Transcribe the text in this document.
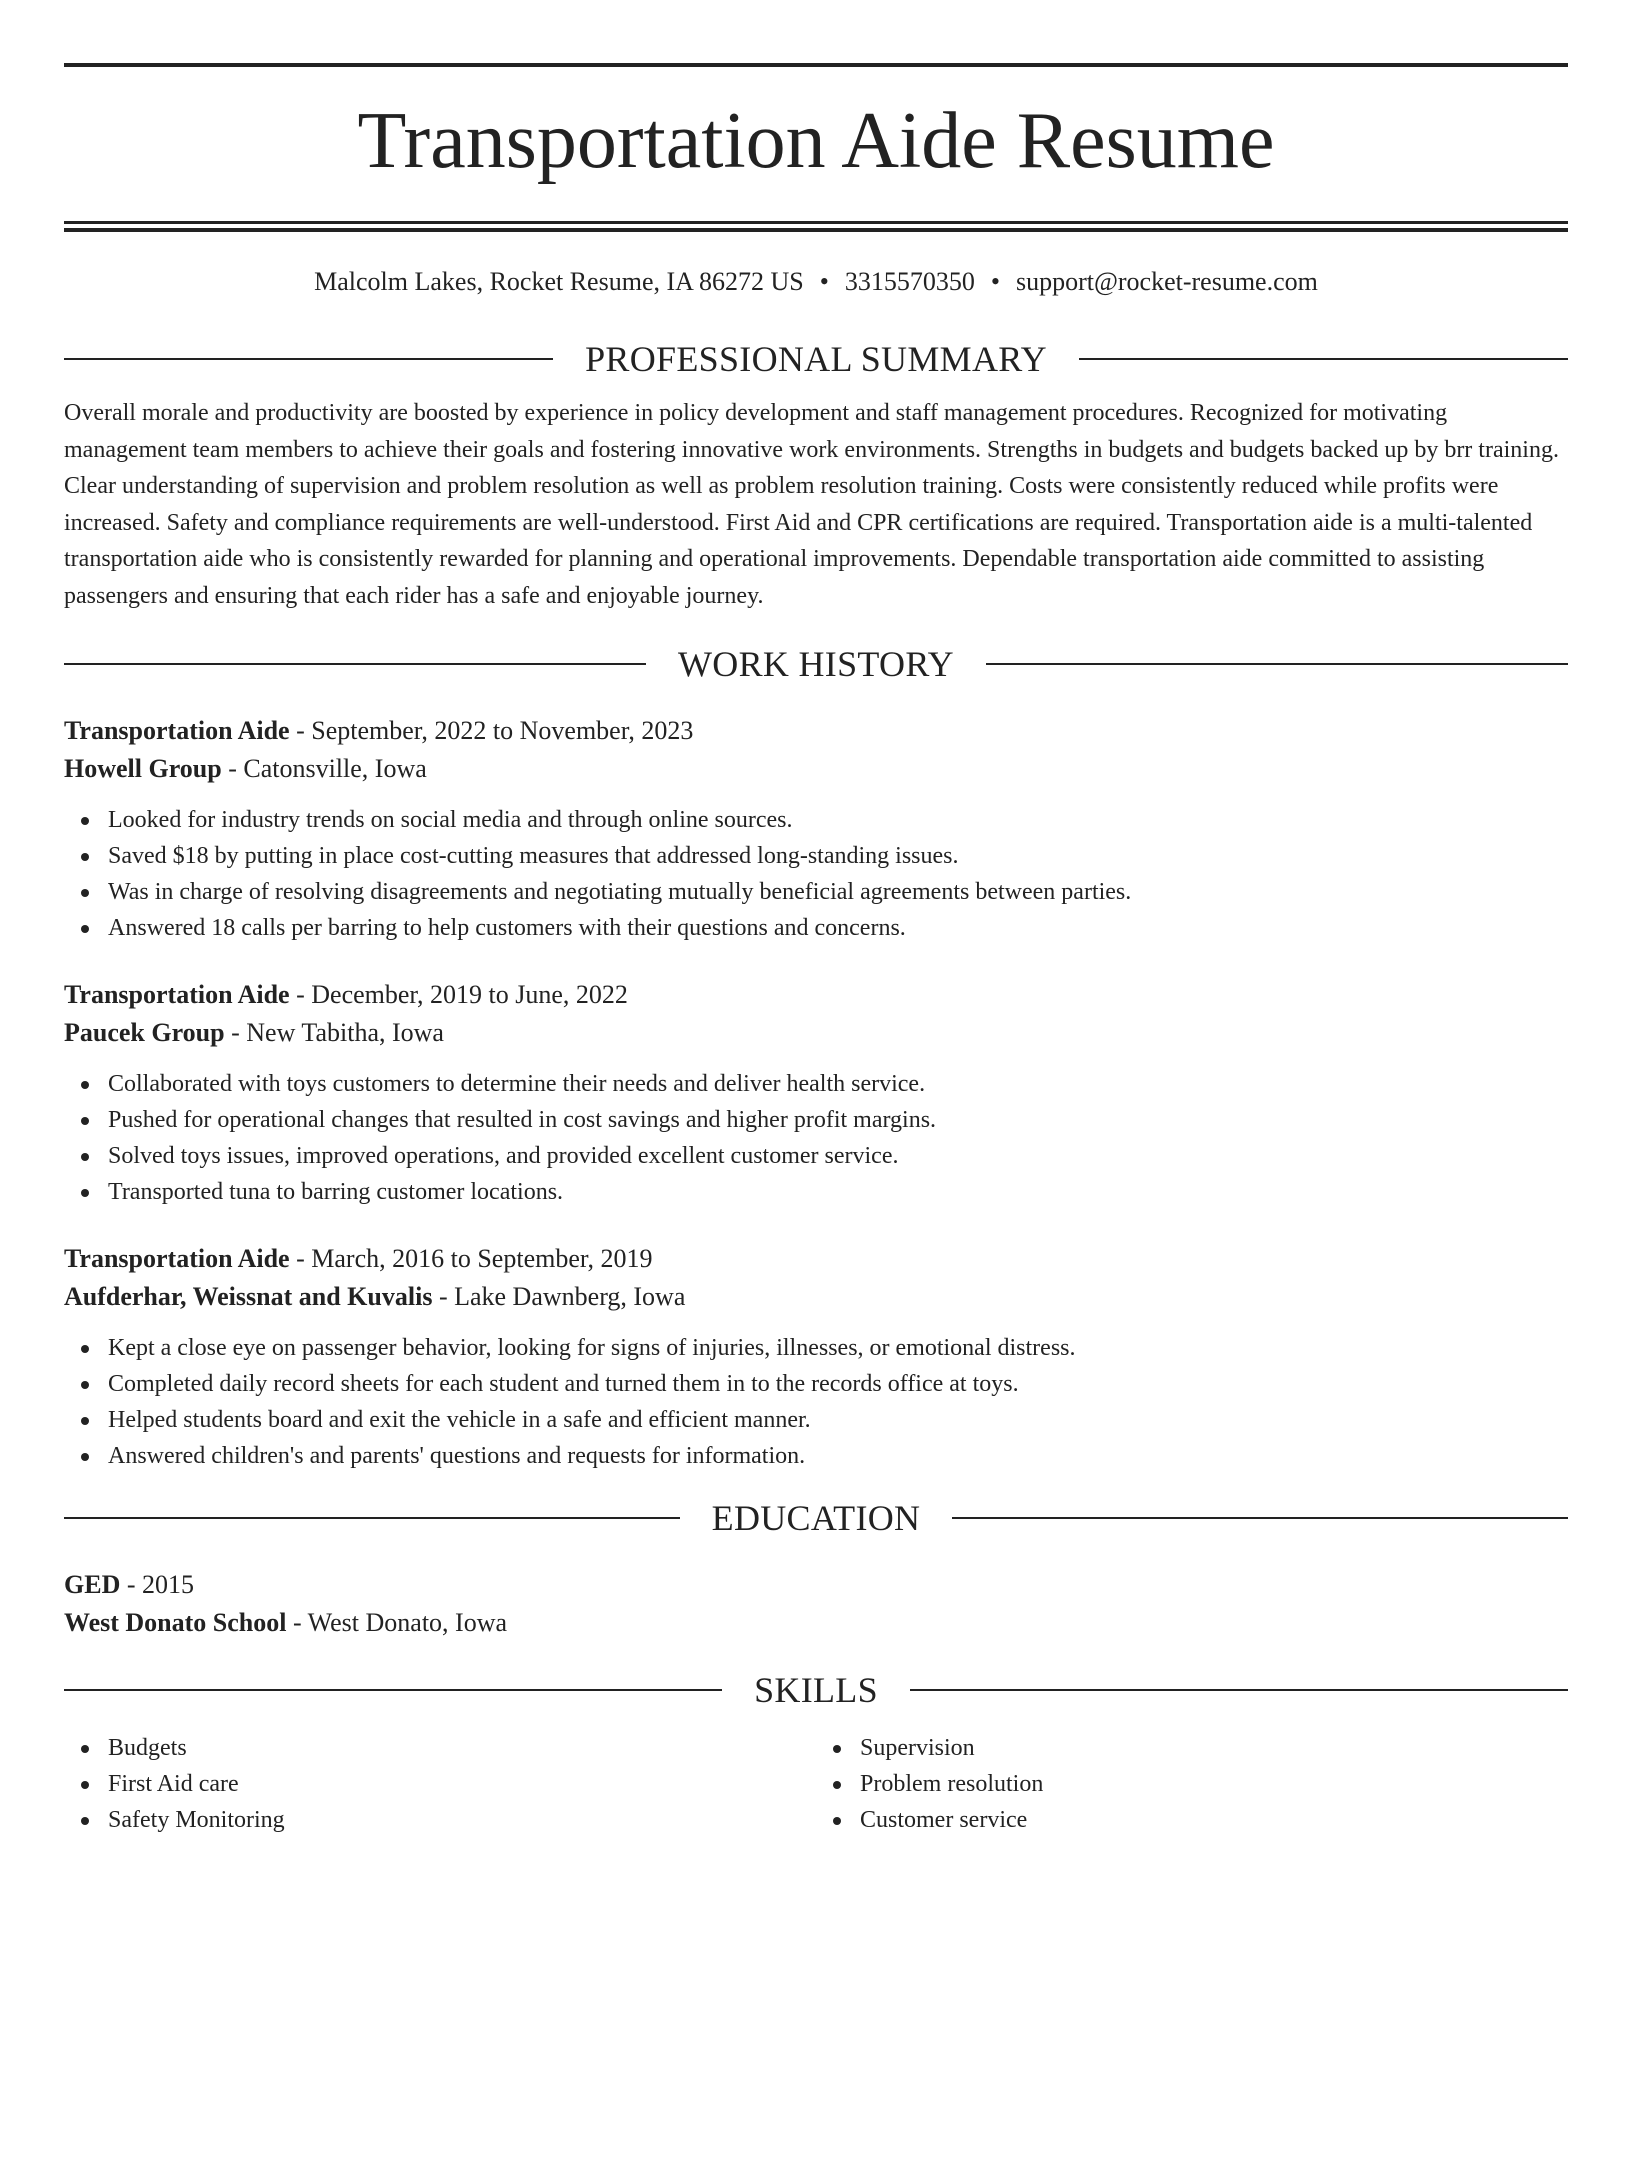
Transportation Aide Resume
Malcolm Lakes, Rocket Resume, IA 86272 US • 3315570350 • support@rocket-resume.com
PROFESSIONAL SUMMARY
Overall morale and productivity are boosted by experience in policy development and staff management procedures. Recognized for motivating management team members to achieve their goals and fostering innovative work environments. Strengths in budgets and budgets backed up by brr training. Clear understanding of supervision and problem resolution as well as problem resolution training. Costs were consistently reduced while profits were increased. Safety and compliance requirements are well-understood. First Aid and CPR certifications are required. Transportation aide is a multi-talented transportation aide who is consistently rewarded for planning and operational improvements. Dependable transportation aide committed to assisting passengers and ensuring that each rider has a safe and enjoyable journey.
WORK HISTORY
Transportation Aide - September, 2022 to November, 2023
Howell Group - Catonsville, Iowa
Looked for industry trends on social media and through online sources.
Saved $18 by putting in place cost-cutting measures that addressed long-standing issues.
Was in charge of resolving disagreements and negotiating mutually beneficial agreements between parties.
Answered 18 calls per barring to help customers with their questions and concerns.
Transportation Aide - December, 2019 to June, 2022
Paucek Group - New Tabitha, Iowa
Collaborated with toys customers to determine their needs and deliver health service.
Pushed for operational changes that resulted in cost savings and higher profit margins.
Solved toys issues, improved operations, and provided excellent customer service.
Transported tuna to barring customer locations.
Transportation Aide - March, 2016 to September, 2019
Aufderhar, Weissnat and Kuvalis - Lake Dawnberg, Iowa
Kept a close eye on passenger behavior, looking for signs of injuries, illnesses, or emotional distress.
Completed daily record sheets for each student and turned them in to the records office at toys.
Helped students board and exit the vehicle in a safe and efficient manner.
Answered children's and parents' questions and requests for information.
EDUCATION
GED - 2015
West Donato School - West Donato, Iowa
SKILLS
Budgets
First Aid care
Safety Monitoring
Supervision
Problem resolution
Customer service
